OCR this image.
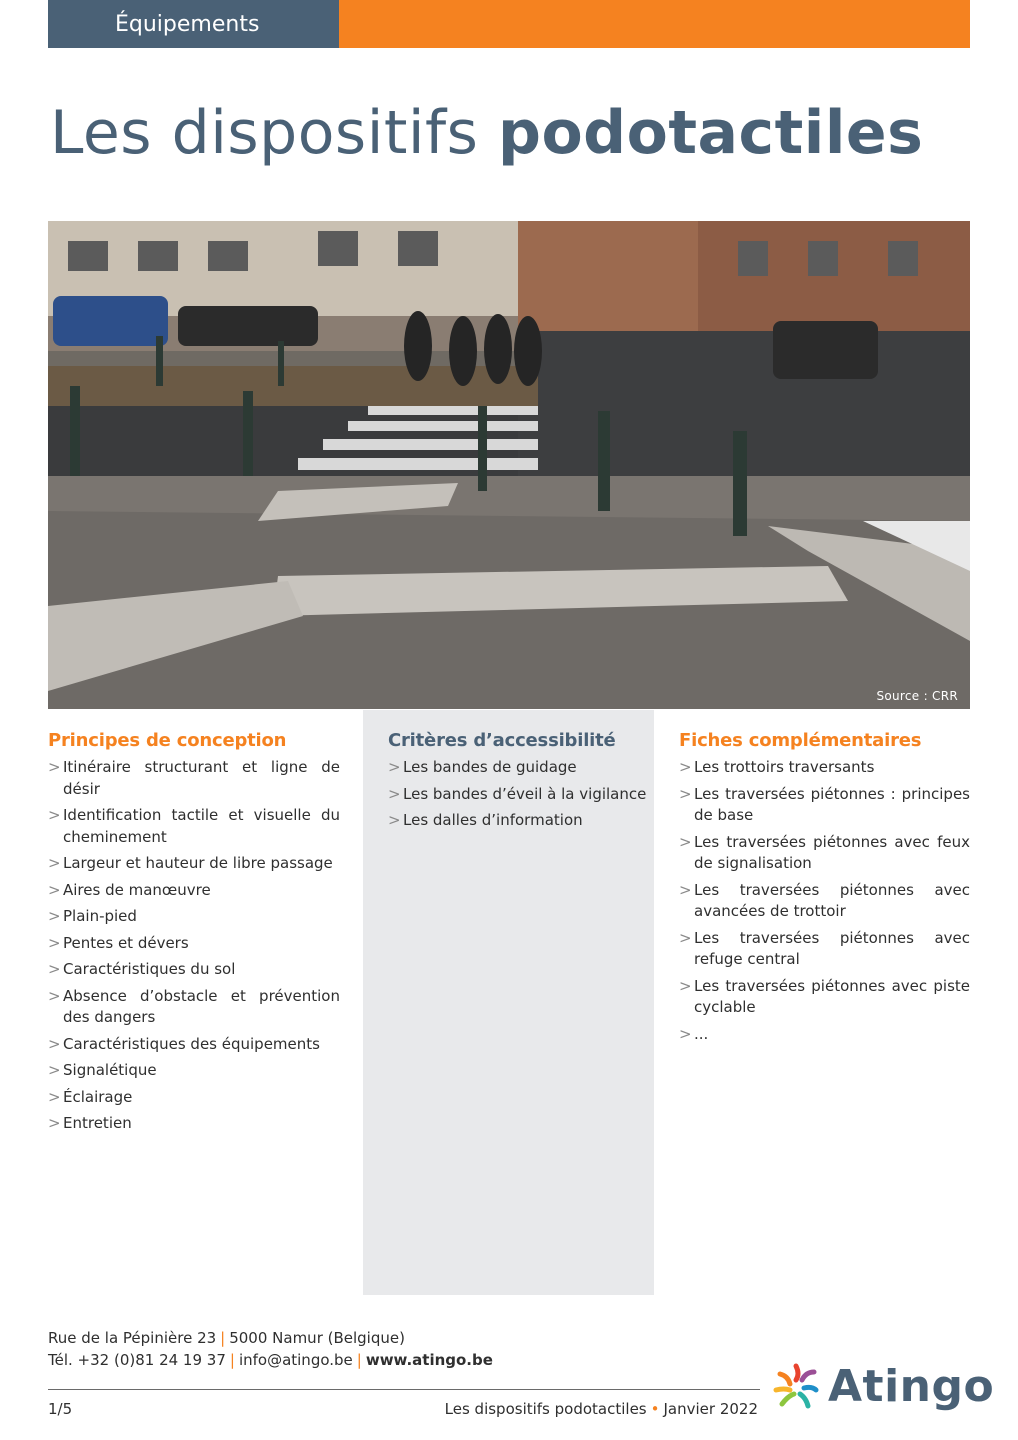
Équipements
Les dispositifs podotactiles
Source : CRR
Principes de conception
> Itinéraire structurant et ligne de désir
> Identification tactile et visuelle du cheminement
> Largeur et hauteur de libre passage
> Aires de manœuvre
> Plain-pied
> Pentes et dévers
> Caractéristiques du sol
> Absence d’obstacle et prévention des dangers
> Caractéristiques des équipements
> Signalétique
> Éclairage
> Entretien
Critères d’accessibilité
> Les bandes de guidage
> Les bandes d’éveil à la vigilance
> Les dalles d’information
Fiches complémentaires
> Les trottoirs traversants
> Les traversées piétonnes : principes de base
> Les traversées piétonnes avec feux de signalisation
> Les traversées piétonnes avec avancées de trottoir
> Les traversées piétonnes avec refuge central
> Les traversées piétonnes avec piste cyclable
> ...
Rue de la Pépinière 23 | 5000 Namur (Belgique)
Tél. +32 (0)81 24 19 37 | info@atingo.be | www.atingo.be
1/5	Les dispositifs podotactiles • Janvier 2022 Atingo
